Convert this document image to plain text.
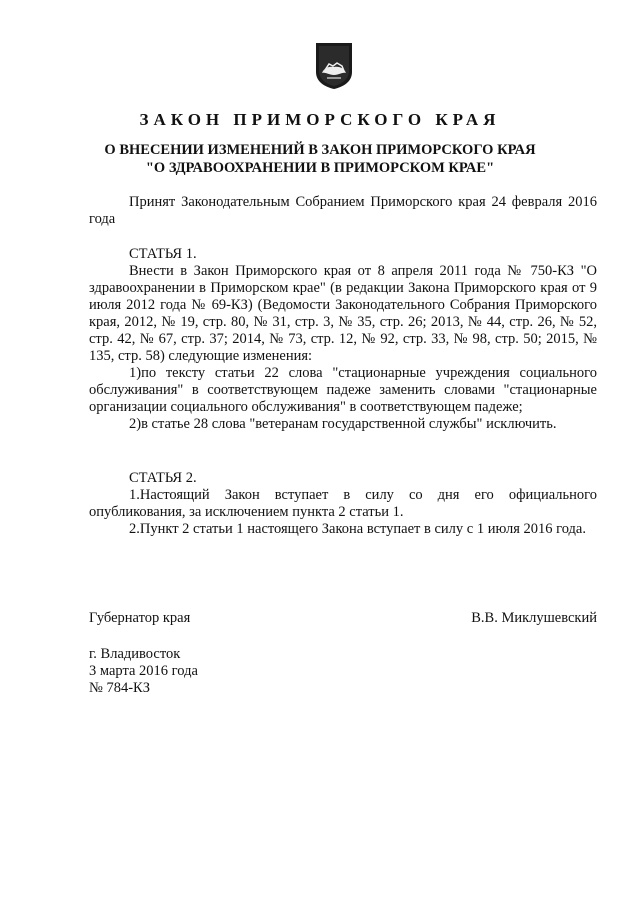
ЗАКОН ПРИМОРСКОГО КРАЯ
О ВНЕСЕНИИ ИЗМЕНЕНИЙ В ЗАКОН ПРИМОРСКОГО КРАЯ
"О ЗДРАВООХРАНЕНИИ В ПРИМОРСКОМ КРАЕ"

Принят Законодательным Собранием Приморского края 24 февраля 2016 года

СТАТЬЯ 1.

Внести в Закон Приморского края от 8 апреля 2011 года № 750-КЗ "О здравоохранении в Приморском крае" (в редакции Закона Приморского края от 9 июля 2012 года № 69-КЗ) (Ведомости Законодательного Собрания Приморского края, 2012, № 19, стр. 80, № 31, стр. 3, № 35, стр. 26; 2013, № 44, стр. 26, № 52, стр. 42, № 67, стр. 37; 2014, № 73, стр. 12, № 92, стр. 33, № 98, стр. 50; 2015, № 135, стр. 58) следующие изменения:

1)по тексту статьи 22 слова "стационарные учреждения социального обслуживания" в соответствующем падеже заменить словами "стационарные организации социального обслуживания" в соответствующем падеже;

2)в статье 28 слова "ветеранам государственной службы" исключить.

СТАТЬЯ 2.

1.Настоящий Закон вступает в силу со дня его официального опубликования, за исключением пункта 2 статьи 1.

2.Пункт 2 статьи 1 настоящего Закона вступает в силу с 1 июля 2016 года.

Губернатор края	В.В. Миклушевский
г. Владивосток
3 марта 2016 года
№ 784-КЗ
